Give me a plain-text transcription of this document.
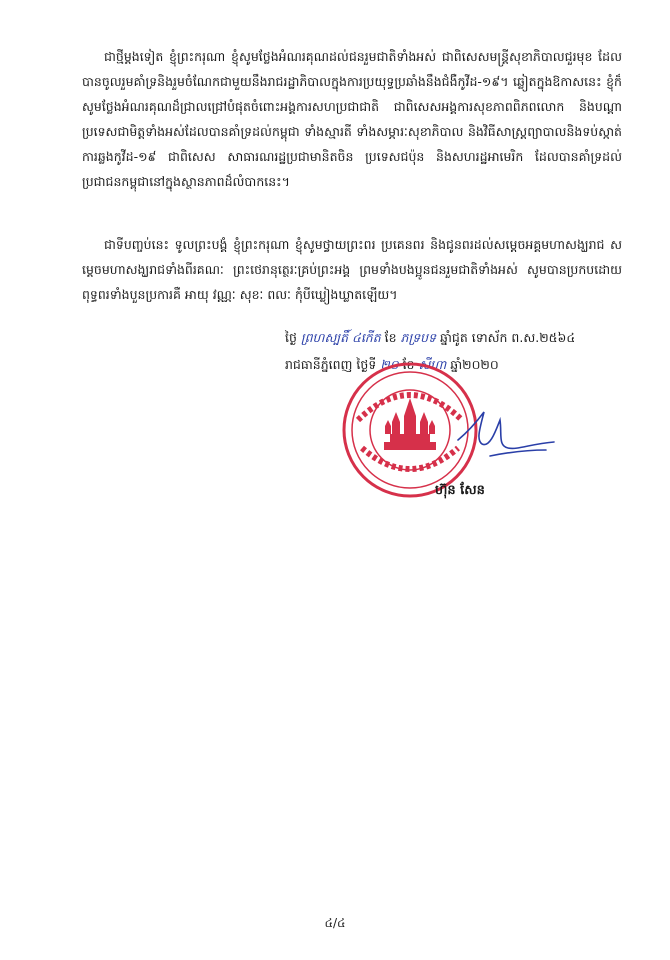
ជាថ្មីម្តងទៀត ខ្ញុំព្រះករុណា ខ្ញុំសូមថ្លែងអំណរគុណដល់ជនរួមជាតិទាំងអស់ ជាពិសេសមន្ត្រីសុខាភិបាលជួរមុខ ដែលបានចូលរួមគាំទ្រនិងរួមចំណែកជាមួយនឹងរាជរដ្ឋាភិបាលក្នុងការប្រយុទ្ធប្រឆាំងនឹងជំងឺកូវីដ-១៩។ ឆ្លៀតក្នុងឱកាសនេះ ខ្ញុំក៏សូមថ្លែងអំណរគុណដ៏ជ្រាលជ្រៅបំផុតចំពោះអង្គការសហប្រជាជាតិ ជាពិសេសអង្គការសុខភាពពិភពលោក និងបណ្តាប្រទេសជាមិត្តទាំងអស់ដែលបានគាំទ្រដល់កម្ពុជា ទាំងស្មារតី ទាំងសម្ភារៈសុខាភិបាល និងវិធីសាស្ត្រព្យាបាលនិងទប់ស្កាត់ការឆ្លងកូវីដ-១៩ ជាពិសេស សាធារណរដ្ឋប្រជាមានិតចិន ប្រទេសជប៉ុន និងសហរដ្ឋអាមេរិក ដែលបានគាំទ្រដល់ប្រជាជនកម្ពុជានៅក្នុងស្ថានភាពដ៏លំបាកនេះ។

ជាទីបញ្ចប់នេះ ទូលព្រះបង្គំ ខ្ញុំព្រះករុណា ខ្ញុំសូមថ្វាយព្រះពរ ប្រគេនពរ និងជូនពរដល់សម្តេចអគ្គមហាសង្ឃរាជ សម្តេចមហាសង្ឃរាជទាំងពីរគណៈ ព្រះថេរានុត្ថេរៈគ្រប់ព្រះអង្គ ព្រមទាំងបងប្អូនជនរួមជាតិទាំងអស់ សូមបានប្រកបដោយពុទ្ធពរទាំងបួនប្រការគឺ អាយុ វណ្ណៈ សុខៈ ពលៈ កុំបីឃ្លៀងឃ្លាតឡើយ។

ថ្ងៃ ព្រហស្បតិ៍ ៤កើត ខែ ភទ្របទ ឆ្នាំជូត ទោស័ក ព.ស.២៥៦៤

រាជធានីភ្នំពេញ ថ្ងៃទី ២០ ខែ សីហា ឆ្នាំ២០២០

ហ៊ុន សែន

៤/៤
